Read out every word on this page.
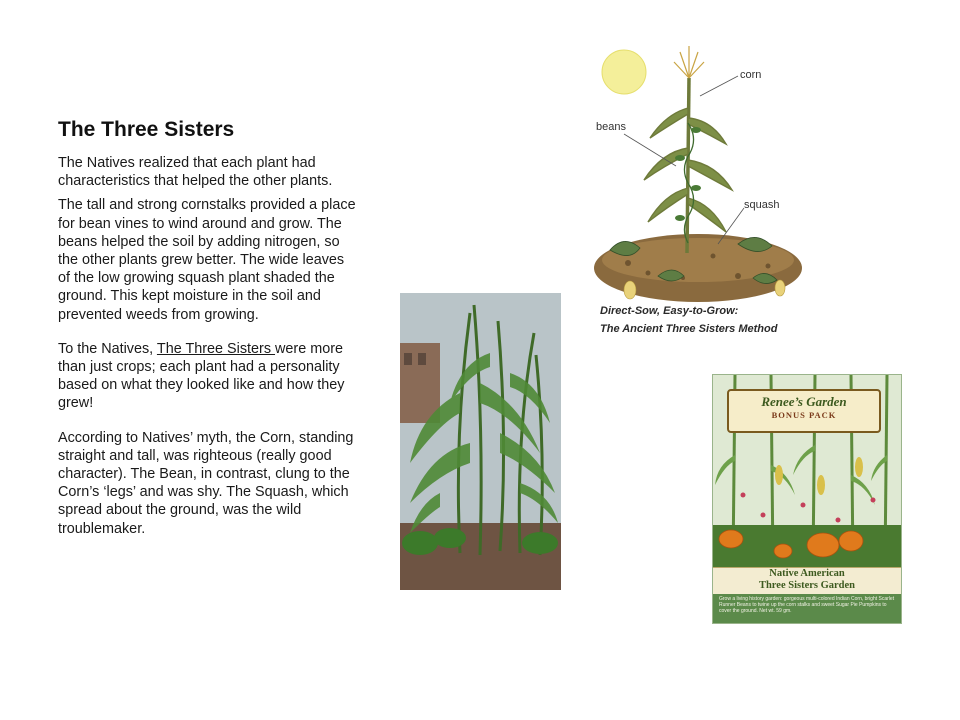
The Three Sisters

The Natives realized that each plant had characteristics that helped the other plants.

The tall and strong cornstalks provided a place for bean vines to wind around and grow. The beans helped the soil by adding nitrogen, so the other plants grew better. The wide leaves of the low growing squash plant shaded the ground. This kept moisture in the soil and prevented weeds from growing.

To the Natives, The Three Sisters were more than just crops; each plant had a personality based on what they looked like and how they grew!

According to Natives’ myth, the Corn, standing straight and tall, was righteous (really good character). The Bean, in contrast, clung to the Corn’s ‘legs’ and was shy. The Squash, which spread about the ground, was the wild troublemaker.

corn
beans
squash
Direct-Sow, Easy-to-Grow:
The Ancient Three Sisters Method
Renee’s Garden
BONUS PACK
Native American
Three Sisters Garden
Grow a living history garden: gorgeous multi-colored Indian Corn, bright Scarlet Runner Beans to twine up the corn stalks and sweet Sugar Pie Pumpkins to cover the ground. Net wt. 59 gm.
